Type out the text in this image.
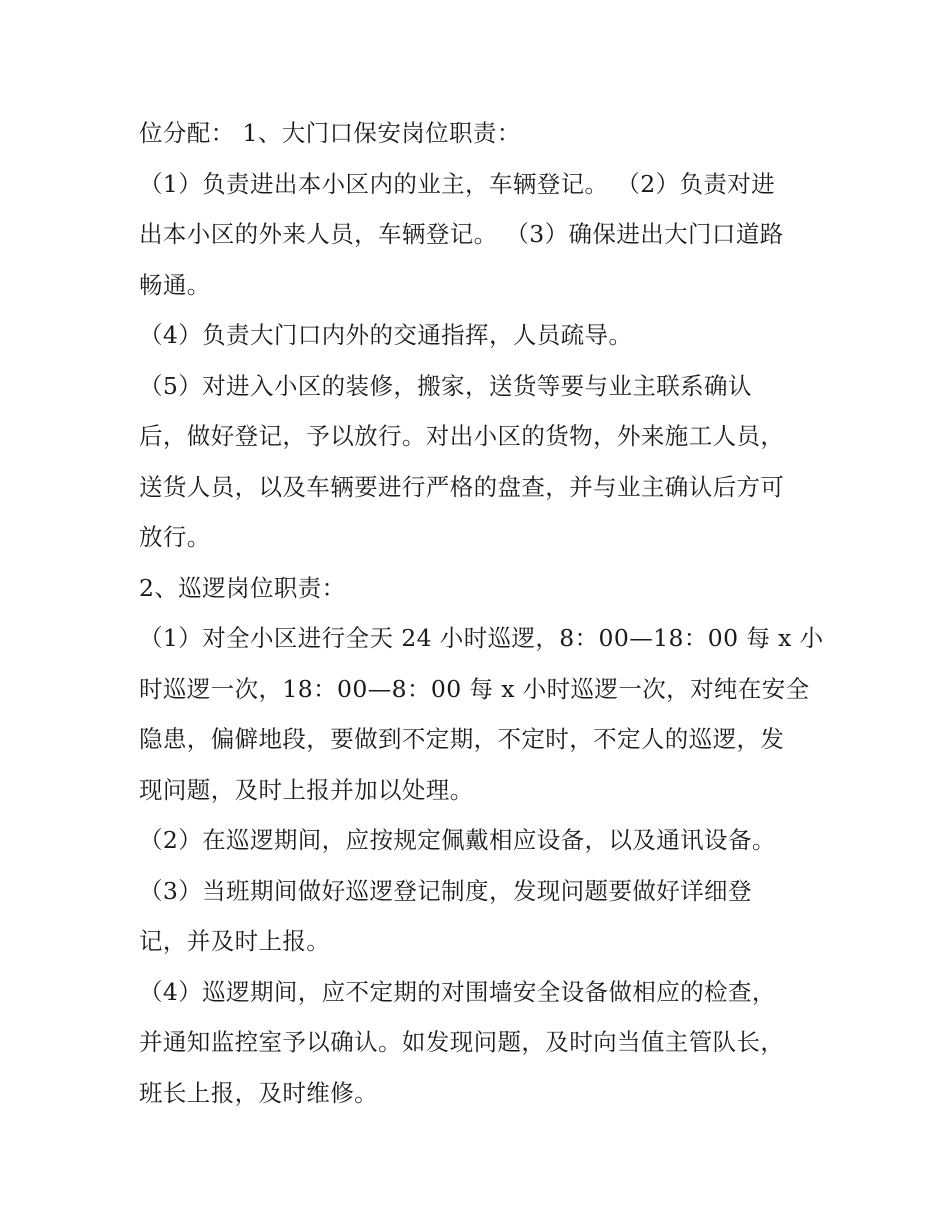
位分配： 1、大门口保安岗位职责：
（1）负责进出本小区内的业主，车辆登记。 （2）负责对进
出本小区的外来人员，车辆登记。 （3）确保进出大门口道路
畅通。
（4）负责大门口内外的交通指挥，人员疏导。
（5）对进入小区的装修，搬家，送货等要与业主联系确认
后，做好登记，予以放行。对出小区的货物，外来施工人员，
送货人员，以及车辆要进行严格的盘查，并与业主确认后方可
放行。
2、巡逻岗位职责：
（1）对全小区进行全天 24 小时巡逻，8：00—18：00 每 x 小
时巡逻一次，18：00—8：00 每 x 小时巡逻一次，对纯在安全
隐患，偏僻地段，要做到不定期，不定时，不定人的巡逻，发
现问题，及时上报并加以处理。
（2）在巡逻期间，应按规定佩戴相应设备，以及通讯设备。
（3）当班期间做好巡逻登记制度，发现问题要做好详细登
记，并及时上报。
（4）巡逻期间，应不定期的对围墙安全设备做相应的检查，
并通知监控室予以确认。如发现问题，及时向当值主管队长，
班长上报，及时维修。
